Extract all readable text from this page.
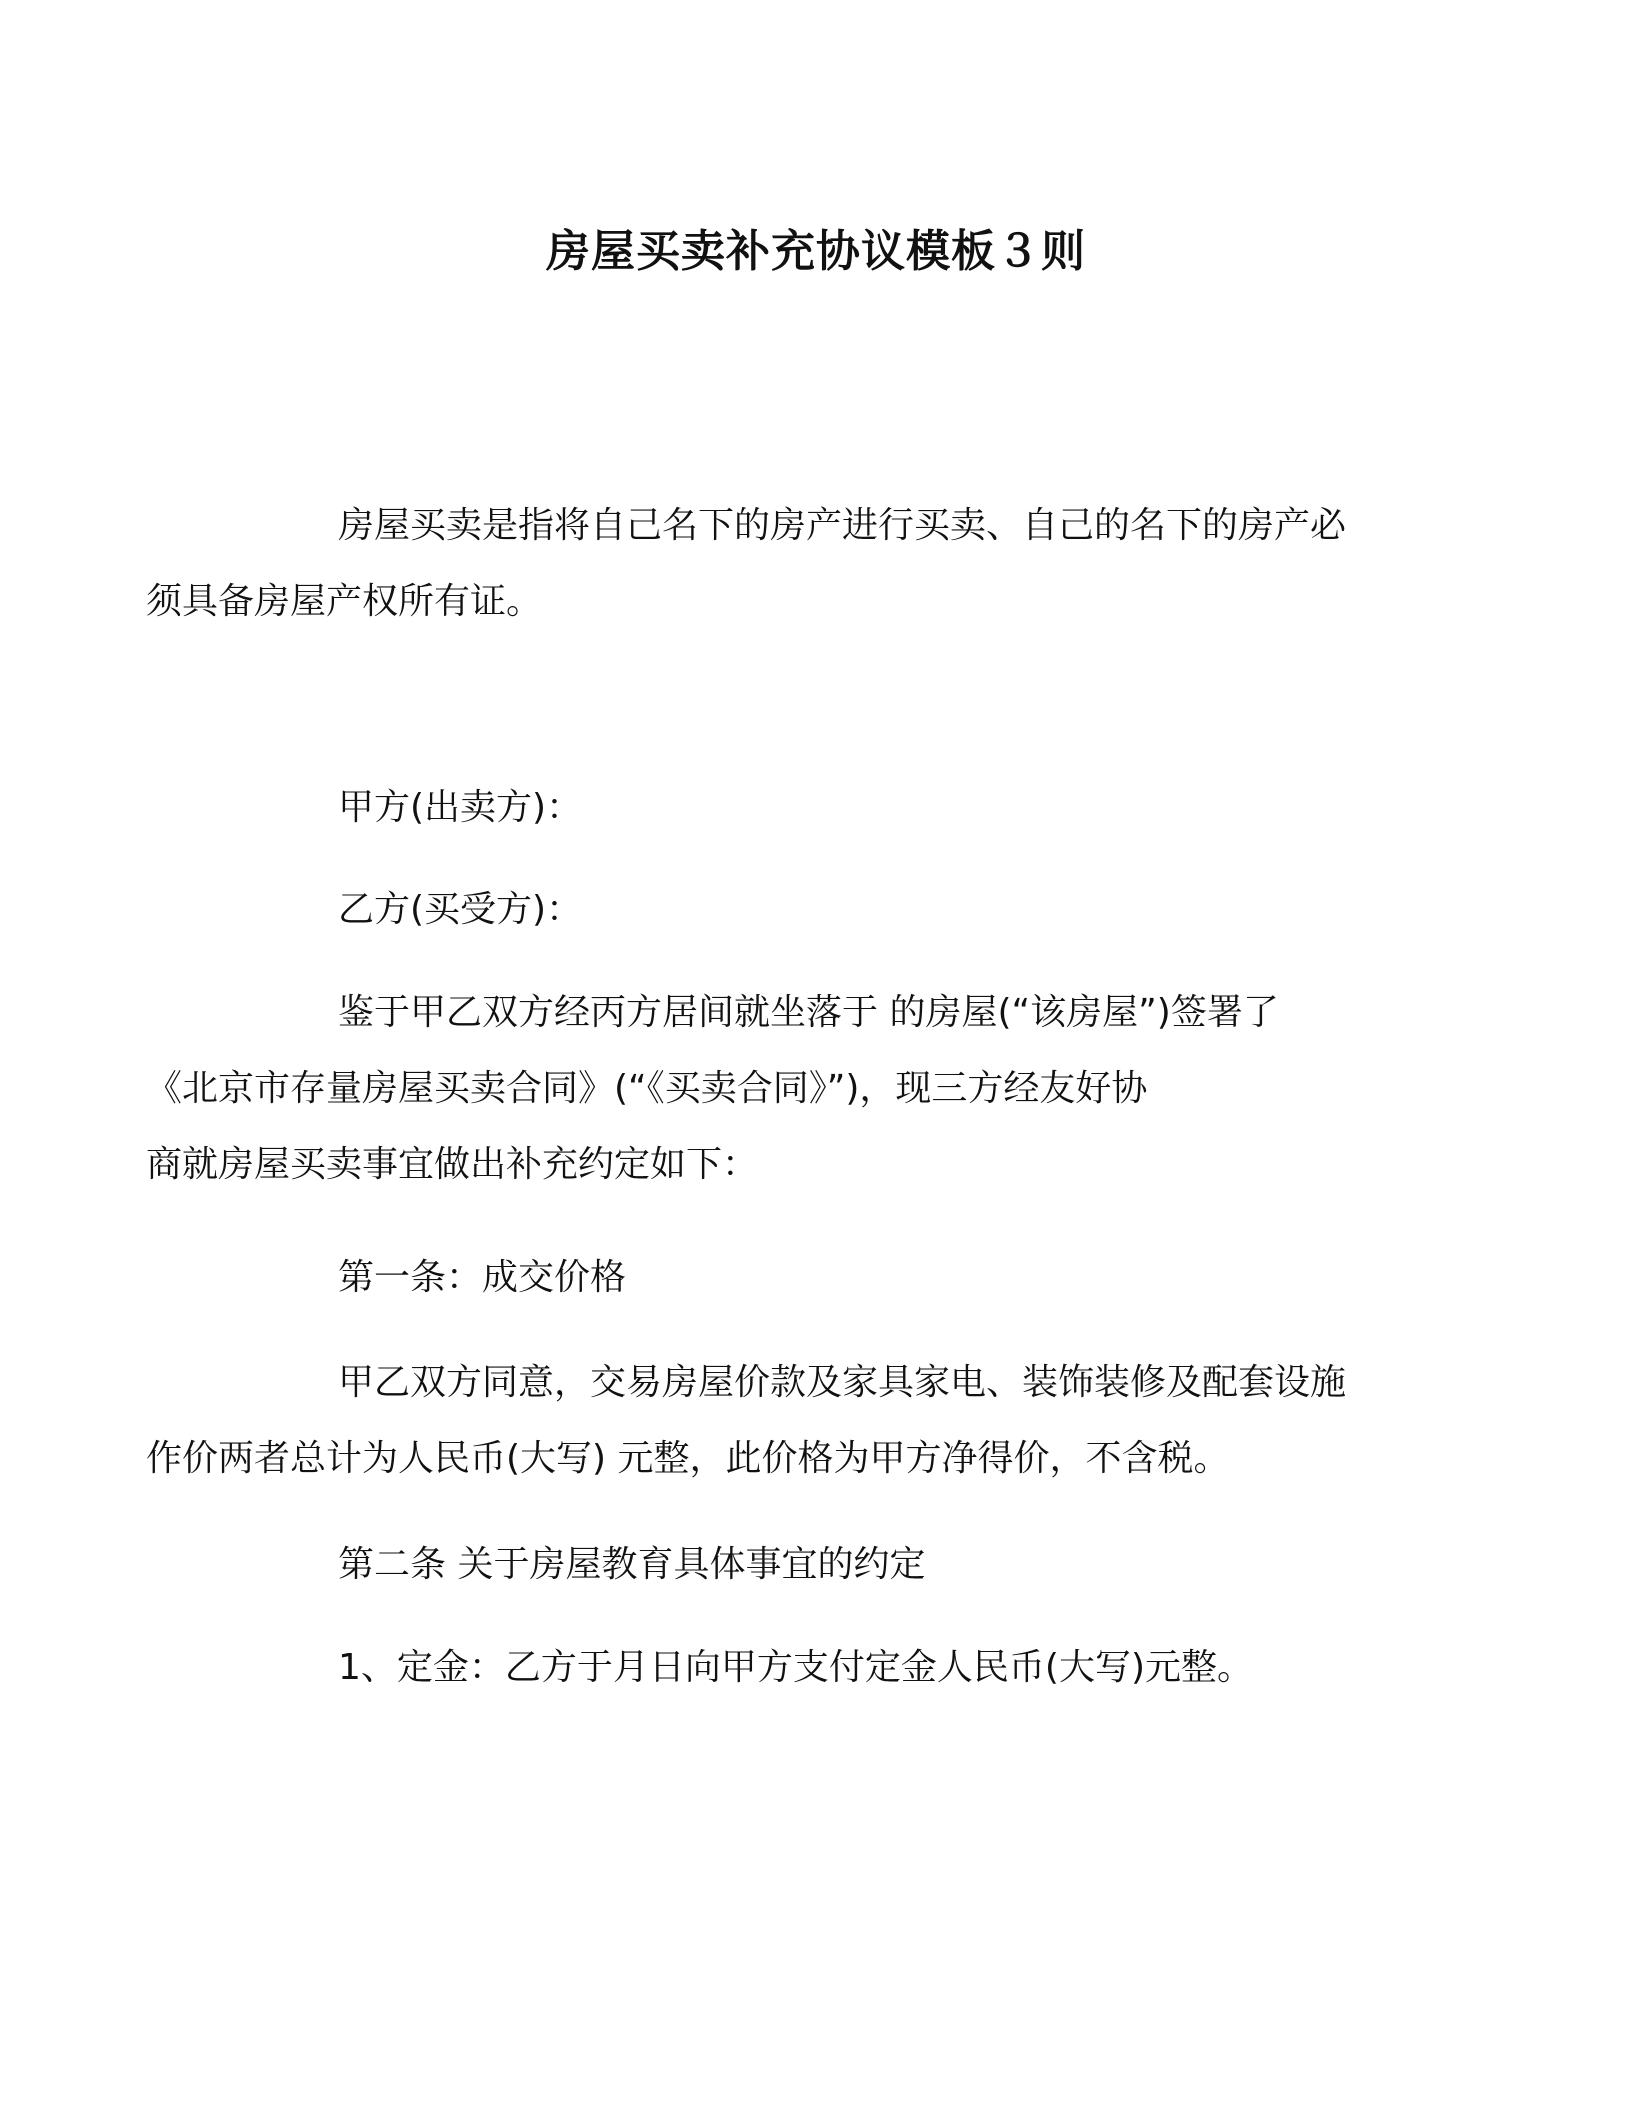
房屋买卖补充协议模板３则

房屋买卖是指将自己名下的房产进行买卖、自己的名下的房产必
须具备房屋产权所有证。

甲方(出卖方)：

乙方(买受方)：

鉴于甲乙双方经丙方居间就坐落于 的房屋(“该房屋”)签署了
《北京市存量房屋买卖合同》(“《买卖合同》”)，现三方经友好协
商就房屋买卖事宜做出补充约定如下：

第一条：成交价格

甲乙双方同意，交易房屋价款及家具家电、装饰装修及配套设施
作价两者总计为人民币(大写) 元整，此价格为甲方净得价，不含税。

第二条 关于房屋教育具体事宜的约定

1、定金：乙方于月日向甲方支付定金人民币(大写)元整。
